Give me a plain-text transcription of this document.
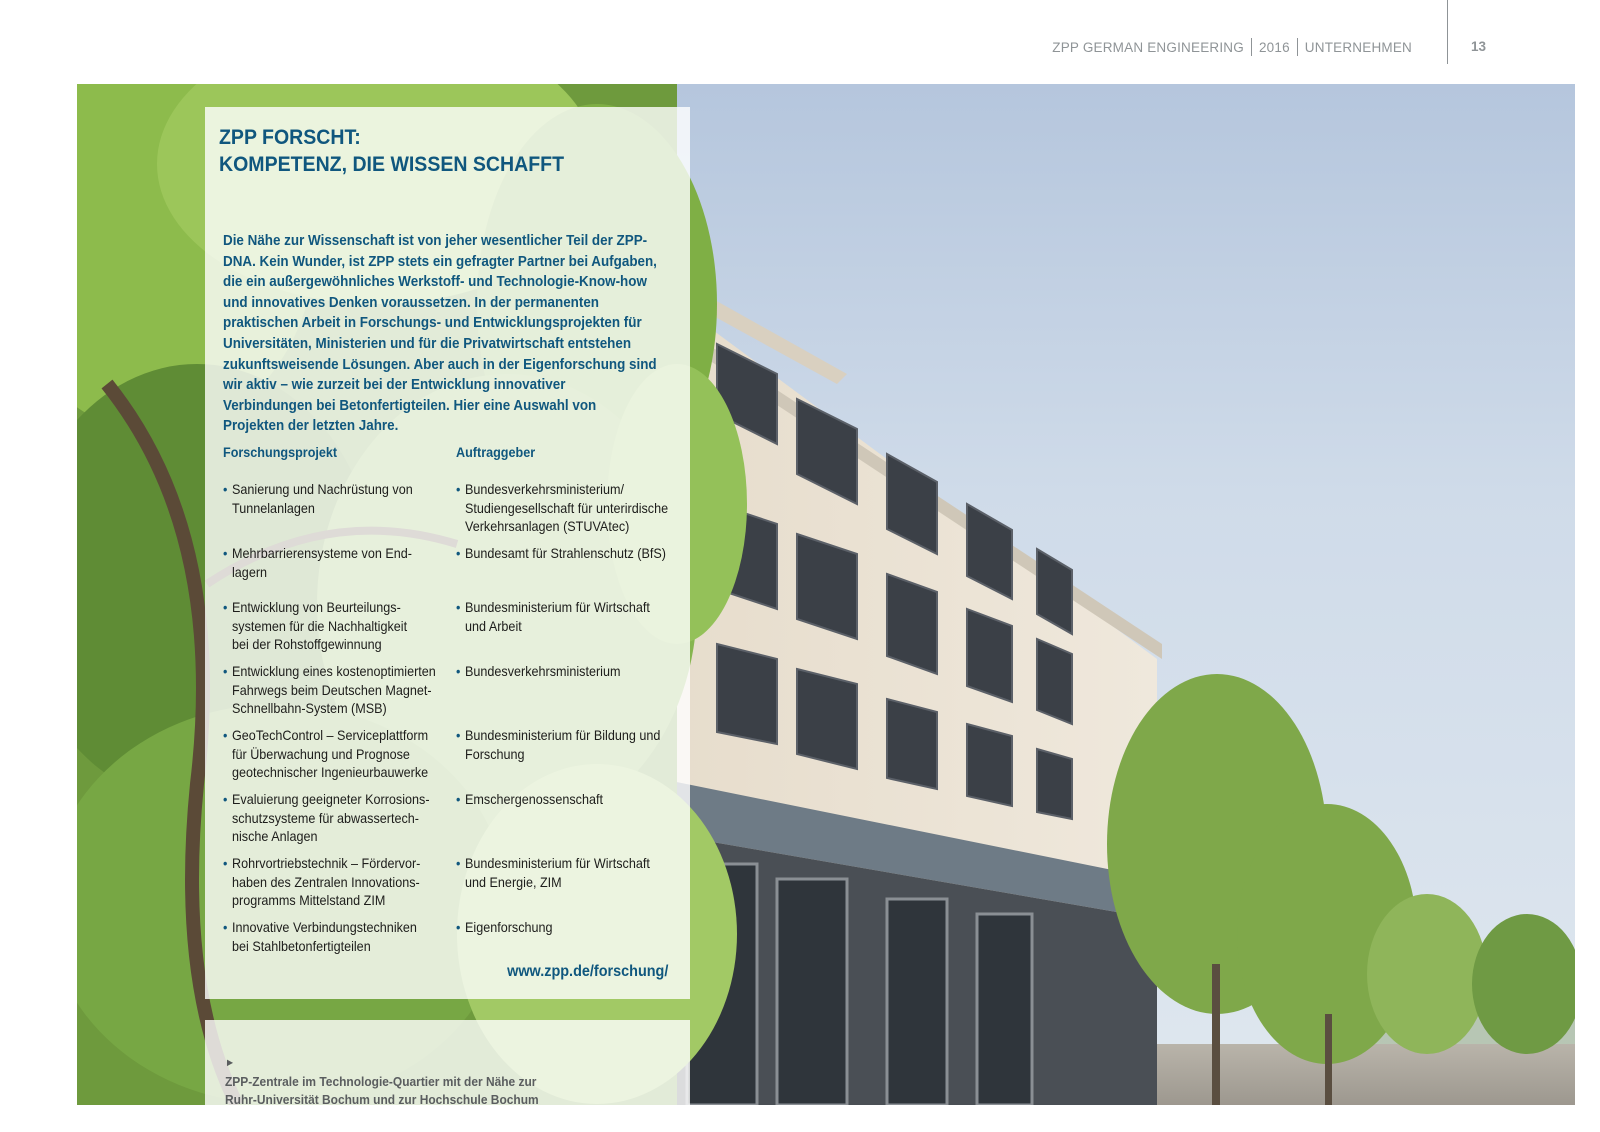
ZPP GERMAN ENGINEERING 2016 UNTERNEHMEN	13
ZPP FORSCHT:
KOMPETENZ, DIE WISSEN SCHAFFT

Die Nähe zur Wissenschaft ist von jeher wesentlicher Teil der ZPP-DNA. Kein Wunder, ist ZPP stets ein gefragter Partner bei Aufgaben, die ein außergewöhnliches Werkstoff- und Technologie-Know-how und innovatives Denken voraussetzen. In der permanenten praktischen Arbeit in Forschungs- und Entwicklungsprojekten für Universitäten, Ministerien und für die Privatwirtschaft entstehen zukunftsweisende Lösungen. Aber auch in der Eigenforschung sind wir aktiv – wie zurzeit bei der Entwicklung innovativer Verbindungen bei Betonfertigteilen. Hier eine Auswahl von Projekten der letzten Jahre.

Forschungsprojekt	Auftraggeber
• Sanierung und Nachrüstung von
Tunnelanlagen
• Mehrbarrierensysteme von End-
lagern
• Entwicklung von Beurteilungs-
systemen für die Nachhaltigkeit
bei der Rohstoffgewinnung
• Entwicklung eines kostenoptimierten
Fahrwegs beim Deutschen Magnet-
Schnellbahn-System (MSB)
• GeoTechControl – Serviceplattform
für Überwachung und Prognose
geotechnischer Ingenieurbauwerke
• Evaluierung geeigneter Korrosions-
schutzsysteme für abwassertech-
nische Anlagen
• Rohrvortriebstechnik – Fördervor-
haben des Zentralen Innovations-
programms Mittelstand ZIM
• Innovative Verbindungstechniken
bei Stahlbetonfertigteilen
• Bundesverkehrsministerium/
Studiengesellschaft für unterirdische
Verkehrsanlagen (STUVAtec)
• Bundesamt für Strahlenschutz (BfS)
• Bundesministerium für Wirtschaft
und Arbeit
• Bundesverkehrsministerium
• Bundesministerium für Bildung und
Forschung
• Emschergenossenschaft
• Bundesministerium für Wirtschaft
und Energie, ZIM
• Eigenforschung
www.zpp.de/forschung/

►
ZPP-Zentrale im Technologie-Quartier mit der Nähe zur
Ruhr-Universität Bochum und zur Hochschule Bochum
